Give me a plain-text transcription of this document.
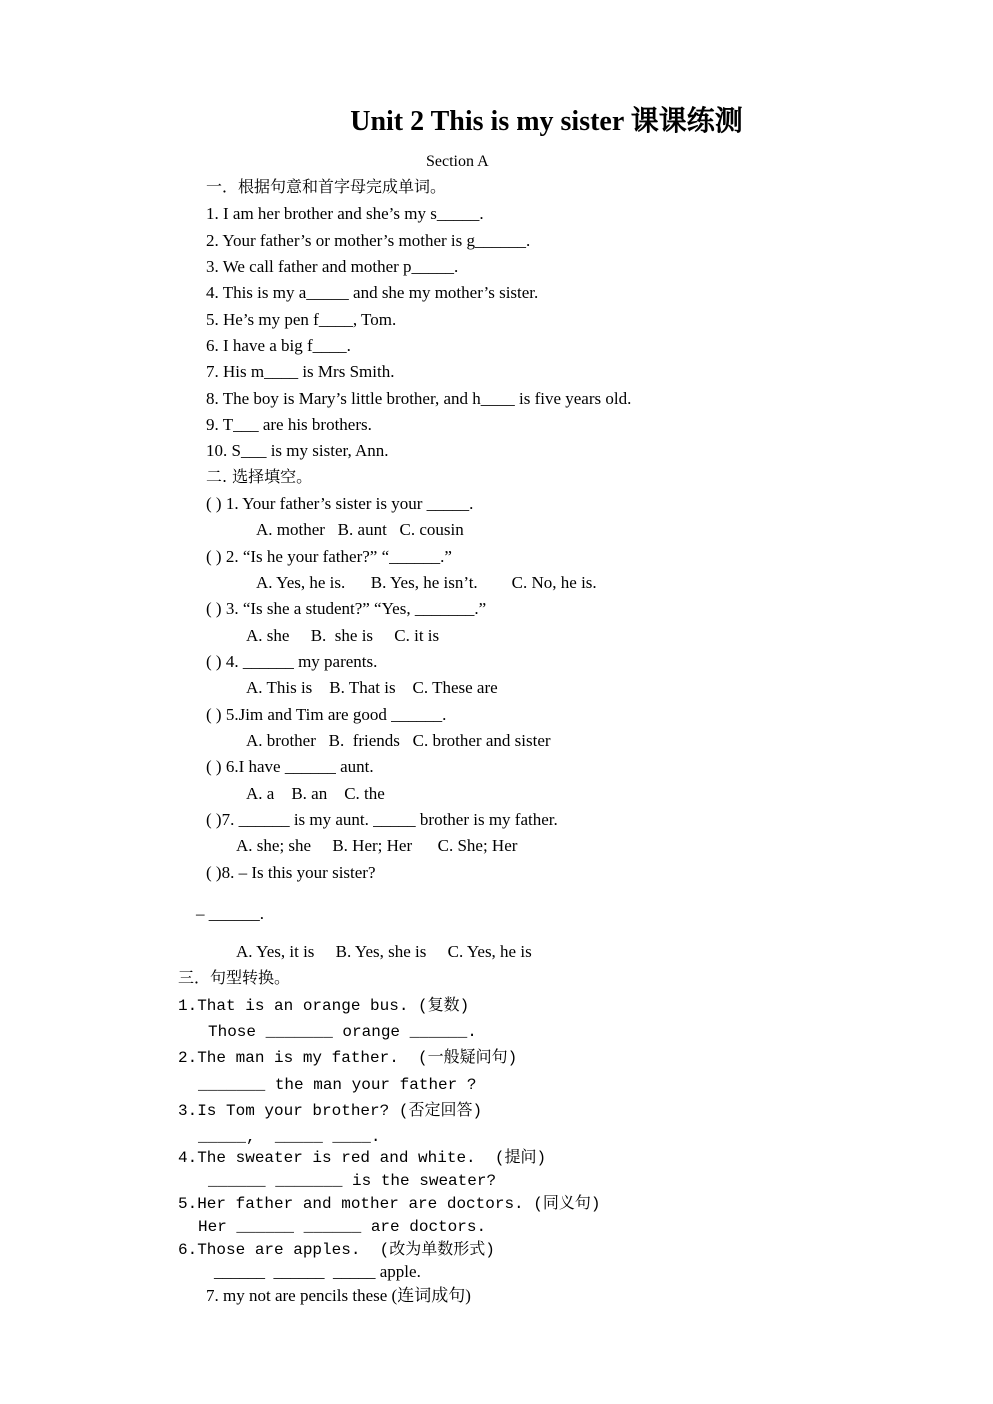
Unit 2 This is my sister 课课练测
Section A
一．根据句意和首字母完成单词。
1. I am her brother and she’s my s_____.
2. Your father’s or mother’s mother is g______.
3. We call father and mother p_____.
4. This is my a_____ and she my mother’s sister.
5. He’s my pen f____, Tom.
6. I have a big f____.
7. His m____ is Mrs Smith.
8. The boy is Mary’s little brother, and h____ is five years old.
9. T___ are his brothers.
10. S___ is my sister, Ann.
二. 选择填空。
( ) 1. Your father’s sister is your _____.
A. mother   B. aunt   C. cousin
( ) 2. “Is he your father?” “______.”
A. Yes, he is.      B. Yes, he isn’t.        C. No, he is.
( ) 3. “Is she a student?” “Yes, _______.”
A. she     B.  she is     C. it is
( ) 4. ______ my parents.
A. This is    B. That is    C. These are
( ) 5.Jim and Tim are good ______.
A. brother   B.  friends   C. brother and sister
( ) 6.I have ______ aunt.
A. a    B. an    C. the
( )7. ______ is my aunt. _____ brother is my father.
A. she; she     B. Her; Her      C. She; Her
( )8. – Is this your sister?
– ______.
A. Yes, it is     B. Yes, she is     C. Yes, he is
三．句型转换。
1.That is an orange bus. (复数)
Those _______ orange ______.
2.The man is my father.  (一般疑问句)
_______ the man your father ?
3.Is Tom your brother? (否定回答)
_____,  _____ ____.
4.The sweater is red and white.  (提问)
______ _______ is the sweater?
5.Her father and mother are doctors. (同义句)
Her ______ ______ are doctors.
6.Those are apples.  (改为单数形式)
______  ______  _____ apple.
7. my not are pencils these (连词成句)
